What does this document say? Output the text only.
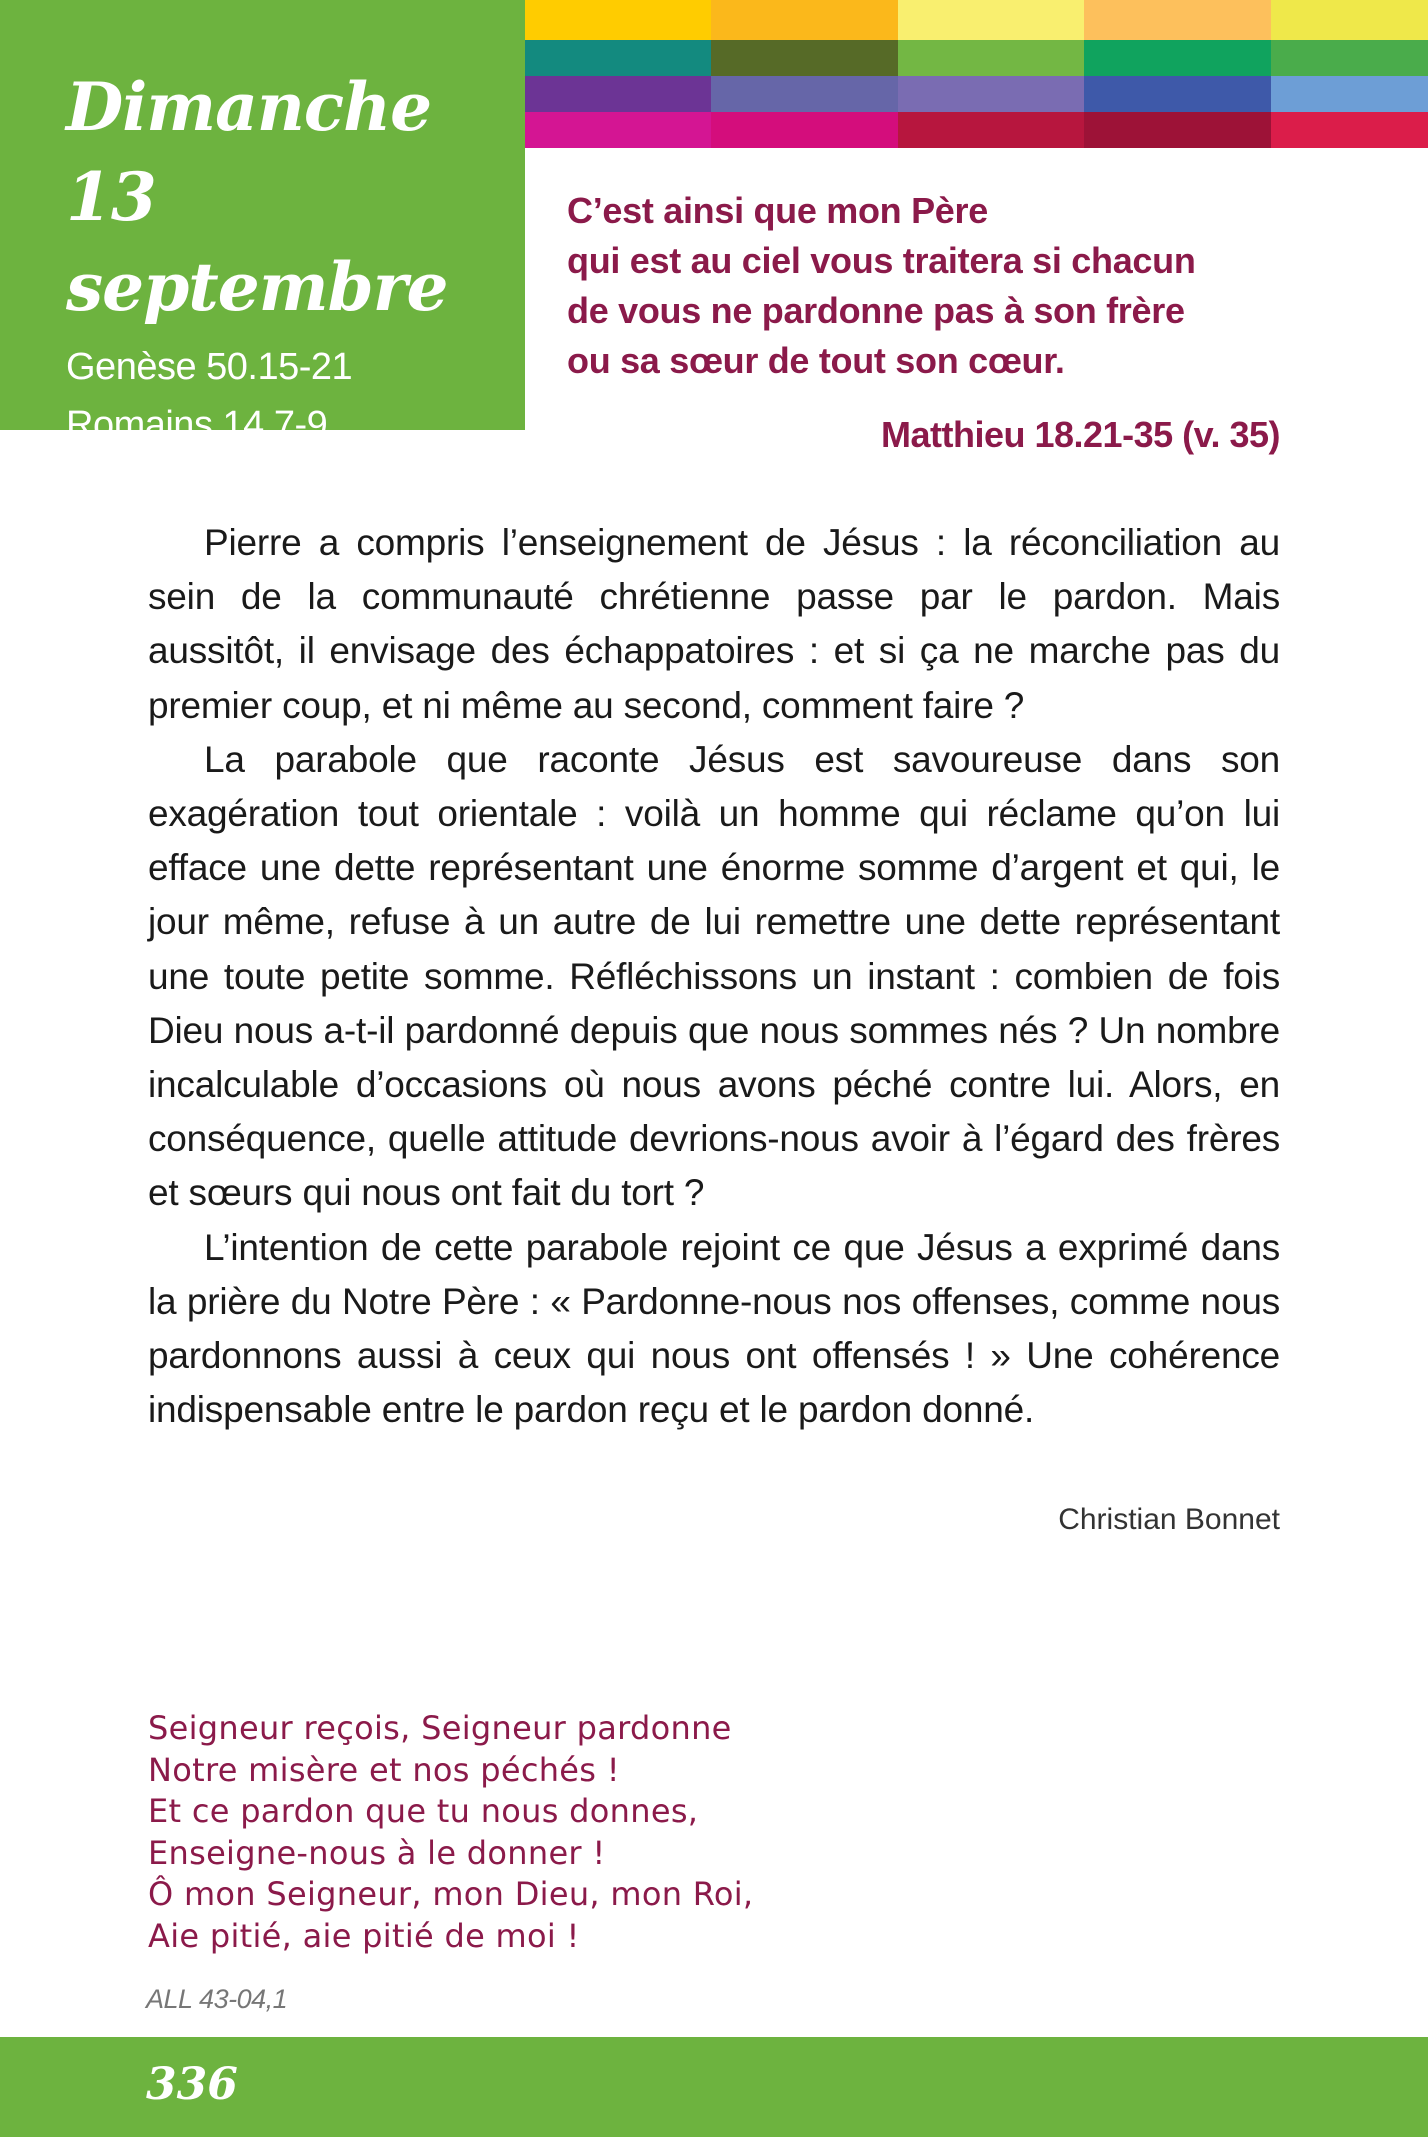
Dimanche
13 septembre
Genèse 50.15-21
Romains 14.7-9
Matthieu 18.21-35
C’est ainsi que mon Père
qui est au ciel vous traitera si chacun
de vous ne pardonne pas à son frère
ou sa sœur de tout son cœur.
Matthieu 18.21-35 (v. 35)

Pierre a compris l’enseignement de Jésus : la réconciliation au sein de la communauté chrétienne passe par le pardon. Mais aussitôt, il envisage des échappatoires : et si ça ne marche pas du premier coup, et ni même au second, comment faire ?

La parabole que raconte Jésus est savoureuse dans son exagération tout orientale : voilà un homme qui réclame qu’on lui efface une dette représentant une énorme somme d’argent et qui, le jour même, refuse à un autre de lui remettre une dette représentant une toute petite somme. Réfléchissons un instant : combien de fois Dieu nous a-t-il pardonné depuis que nous sommes nés ? Un nombre incalculable d’occasions où nous avons péché contre lui. Alors, en conséquence, quelle attitude devrions-nous avoir à l’égard des frères et sœurs qui nous ont fait du tort ?

L’intention de cette parabole rejoint ce que Jésus a exprimé dans la prière du Notre Père : « Pardonne-nous nos offenses, comme nous pardonnons aussi à ceux qui nous ont offensés ! » Une cohérence indispensable entre le pardon reçu et le pardon donné.

Christian Bonnet
Seigneur reçois, Seigneur pardonne
Notre misère et nos péchés !
Et ce pardon que tu nous donnes,
Enseigne-nous à le donner !
Ô mon Seigneur, mon Dieu, mon Roi,
Aie pitié, aie pitié de moi !
ALL 43-04,1
336
